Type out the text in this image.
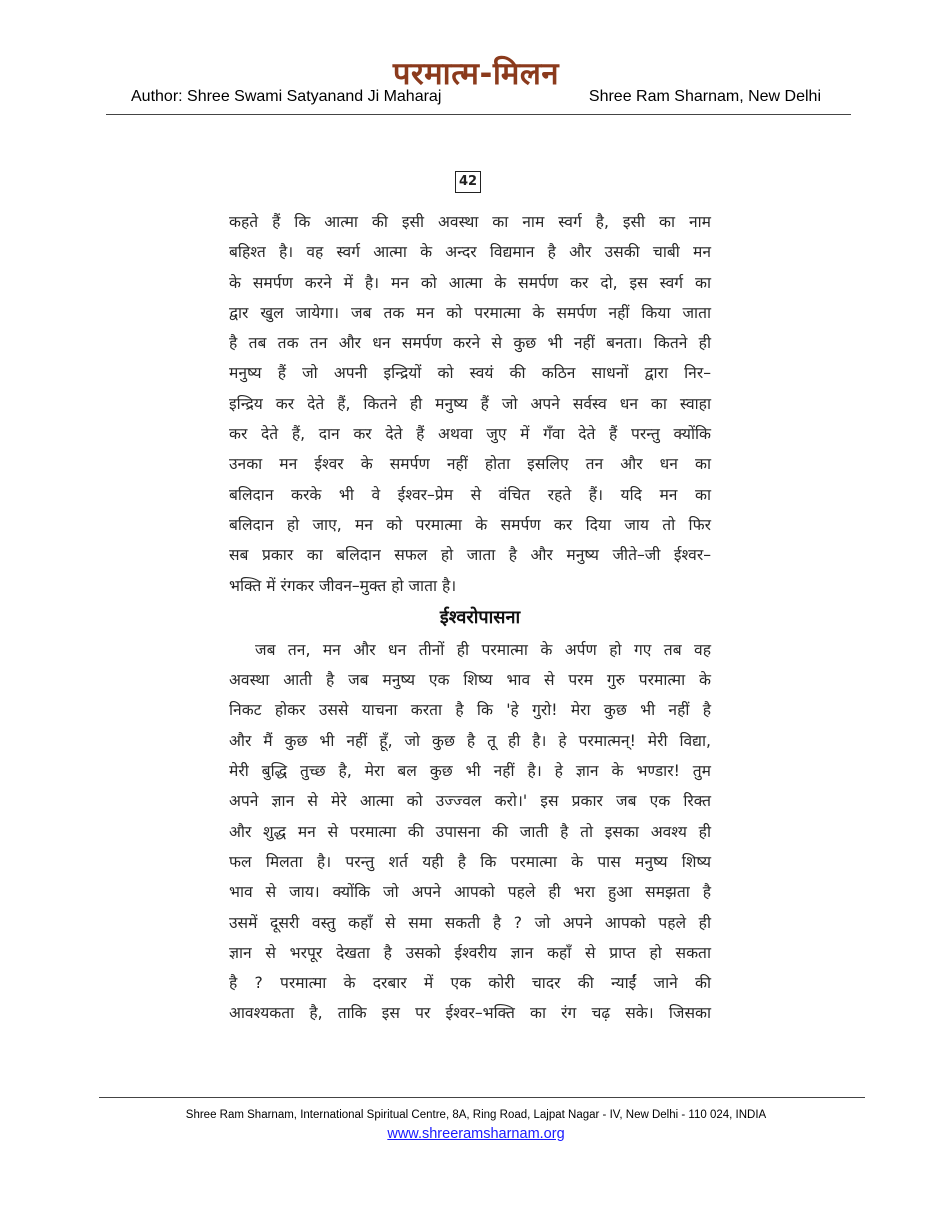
परमात्म-मिलन
Author: Shree Swami Satyanand Ji Maharaj	Shree Ram Sharnam, New Delhi
42
कहते हैं कि आत्मा की इसी अवस्था का नाम स्वर्ग है, इसी का नाम
बहिश्त है। वह स्वर्ग आत्मा के अन्दर विद्यमान है और उसकी चाबी मन
के समर्पण करने में है। मन को आत्मा के समर्पण कर दो, इस स्वर्ग का
द्वार खुल जायेगा। जब तक मन को परमात्मा के समर्पण नहीं किया जाता
है तब तक तन और धन समर्पण करने से कुछ भी नहीं बनता। कितने ही
मनुष्य हैं जो अपनी इन्द्रियों को स्वयं की कठिन साधनों द्वारा निर–
इन्द्रिय कर देते हैं, कितने ही मनुष्य हैं जो अपने सर्वस्व धन का स्वाहा
कर देते हैं, दान कर देते हैं अथवा जुए में गँवा देते हैं परन्तु क्योंकि
उनका मन ईश्वर के समर्पण नहीं होता इसलिए तन और धन का
बलिदान करके भी वे ईश्वर–प्रेम से वंचित रहते हैं। यदि मन का
बलिदान हो जाए, मन को परमात्मा के समर्पण कर दिया जाय तो फिर
सब प्रकार का बलिदान सफल हो जाता है और मनुष्य जीते–जी ईश्वर–
भक्ति में रंगकर जीवन–मुक्त हो जाता है।
ईश्वरोपासना
जब तन, मन और धन तीनों ही परमात्मा के अर्पण हो गए तब वह
अवस्था आती है जब मनुष्य एक शिष्य भाव से परम गुरु परमात्मा के
निकट होकर उससे याचना करता है कि 'हे गुरो! मेरा कुछ भी नहीं है
और मैं कुछ भी नहीं हूँ, जो कुछ है तू ही है। हे परमात्मन्! मेरी विद्या,
मेरी बुद्धि तुच्छ है, मेरा बल कुछ भी नहीं है। हे ज्ञान के भण्डार! तुम
अपने ज्ञान से मेरे आत्मा को उज्ज्वल करो।' इस प्रकार जब एक रिक्त
और शुद्ध मन से परमात्मा की उपासना की जाती है तो इसका अवश्य ही
फल मिलता है। परन्तु शर्त यही है कि परमात्मा के पास मनुष्य शिष्य
भाव से जाय। क्योंकि जो अपने आपको पहले ही भरा हुआ समझता है
उसमें दूसरी वस्तु कहाँ से समा सकती है ? जो अपने आपको पहले ही
ज्ञान से भरपूर देखता है उसको ईश्वरीय ज्ञान कहाँ से प्राप्त हो सकता
है ? परमात्मा के दरबार में एक कोरी चादर की न्याईं जाने की
आवश्यकता है, ताकि इस पर ईश्वर–भक्ति का रंग चढ़ सके। जिसका
Shree Ram Sharnam, International Spiritual Centre, 8A, Ring Road, Lajpat Nagar - IV, New Delhi - 110 024, INDIA
www.shreeramsharnam.org
